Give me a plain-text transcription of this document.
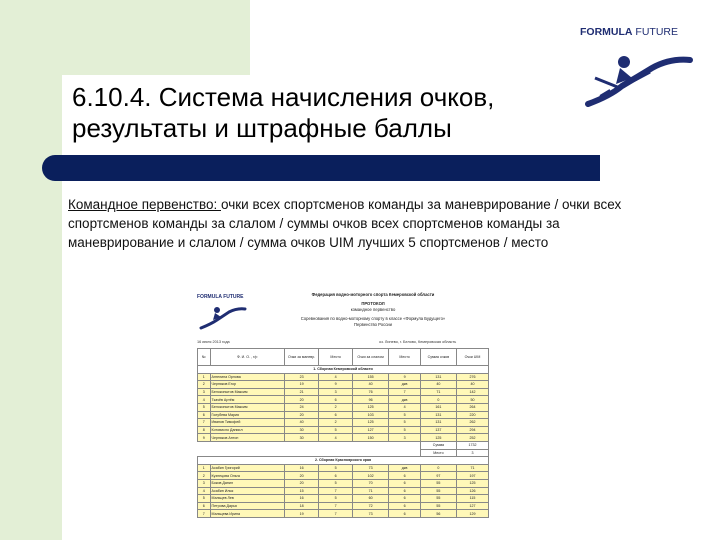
6.10.4. Система начисления очков,
результаты и штрафные баллы
FORMULA FUTURE
Командное первенство: очки всех спортсменов команды за маневрирование / очки всех спортсменов команды за слалом / суммы очков всех спортсменов команды за маневрирование и слалом / сумма очков UIM лучших 5 спортсменов / место
FORMULA FUTURE	Федерация водно-моторного спорта Кемеровской области
ПРОТОКОЛ
командное первенство
Соревнования по водно-моторному спорту в классе «Формула Будущего»
Первенство России
16 июля 2013 года	оз. Линево, г. Белово, Кемеровская область
№	Ф. И. О. , г/р	Очки за маневр.	Место	Очки за слалом	Место	Сумма очков	Очки UIM
1. Сборная Кемеровской области							
1	Ангелина Орлова	23	4	155	9	131	276
2	Черняков Егор	19	9	40	дкв	40	40
3	Белокопытов Максим	21	3	76	7	71	142
4	Ткачёв Артём	20	6	96	дкв	0	50
5	Белокопытов Максим	24	2	125	4	161	264
6	Голубева Мария	20	6	103	5	131	220
7	Иванов Тимофей	40	2	125	5	131	262
8	Котовисло Даниил	30	5	127	5	137	294
9	Черняков Антон	30	4	150	3	125	252
						Сумма	1732
						Место	3
2. Сборная Красноярского края							
1	Асабин Григорий	16	5	73	дкв	0	71
2	Кузнецова Ольга	20	6	102	6	97	197
3	Боков Данил	20	5	70	6	55	125
4	Асабин Илья	15	7	71	6	55	126
5	Мальцев Лев	16	5	60	6	55	115
6	Петрова Дарья	18	7	72	6	55	127
7	Мальцева Ирина	19	7	73	6	56	129
